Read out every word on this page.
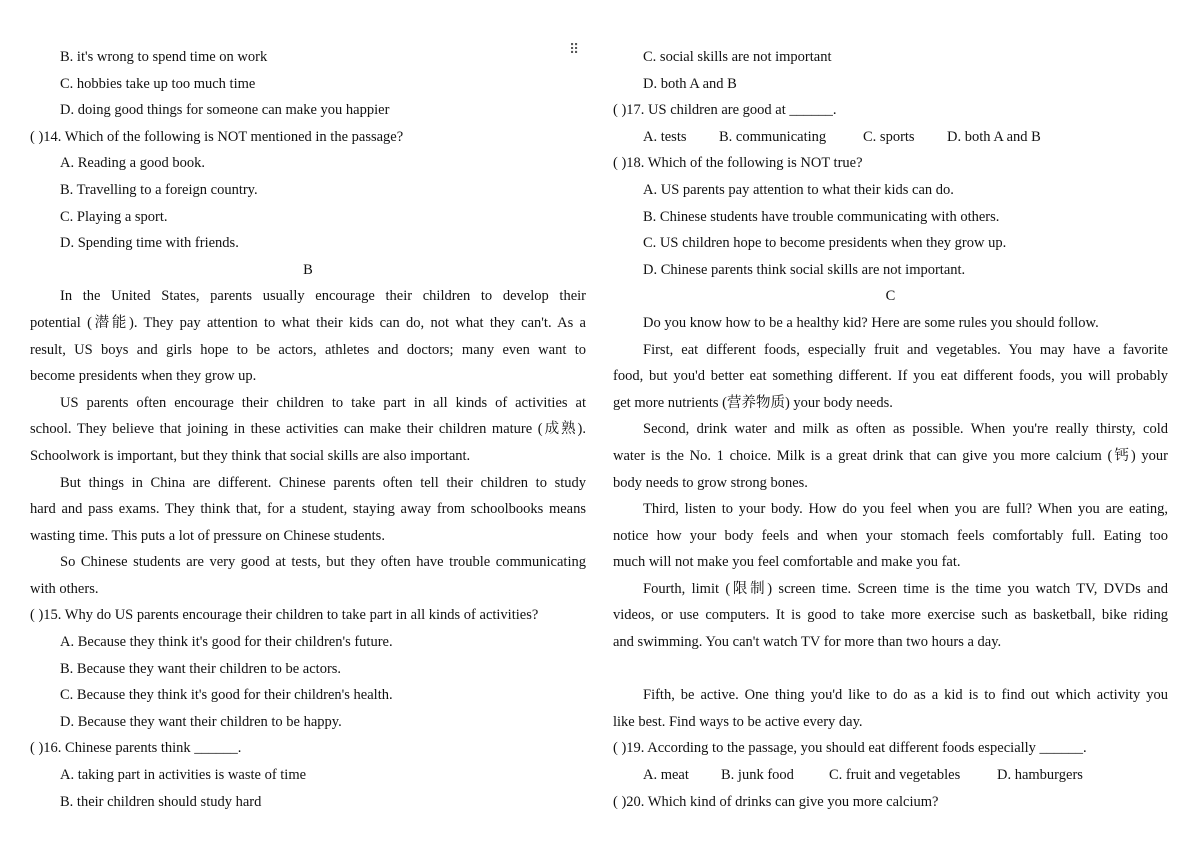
⠿
B. it's wrong to spend time on work
C. hobbies take up too much time
D. doing good things for someone can make you happier
( )14. Which of the following is NOT mentioned in the passage?
A. Reading a good book.
B. Travelling to a foreign country.
C. Playing a sport.
D. Spending time with friends.
B
In the United States, parents usually encourage their children to develop their
potential (潜能). They pay attention to what their kids can do, not what they can't. As a
result, US boys and girls hope to be actors, athletes and doctors; many even want to
become presidents when they grow up.
US parents often encourage their children to take part in all kinds of activities at
school. They believe that joining in these activities can make their children mature (成熟).
Schoolwork is important, but they think that social skills are also important.
But things in China are different. Chinese parents often tell their children to study
hard and pass exams. They think that, for a student, staying away from schoolbooks means
wasting time. This puts a lot of pressure on Chinese students.
So Chinese students are very good at tests, but they often have trouble communicating
with others.
( )15. Why do US parents encourage their children to take part in all kinds of activities?
A. Because they think it's good for their children's future.
B. Because they want their children to be actors.
C. Because they think it's good for their children's health.
D. Because they want their children to be happy.
( )16. Chinese parents think ______.
A. taking part in activities is waste of time
B. their children should study hard
C. social skills are not important
D. both A and B
( )17. US children are good at ______.
A. tests	B. communicating	C. sports	D. both A and B
( )18. Which of the following is NOT true?
A. US parents pay attention to what their kids can do.
B. Chinese students have trouble communicating with others.
C. US children hope to become presidents when they grow up.
D. Chinese parents think social skills are not important.
C
Do you know how to be a healthy kid? Here are some rules you should follow.
First, eat different foods, especially fruit and vegetables. You may have a favorite
food, but you'd better eat something different. If you eat different foods, you will probably
get more nutrients (营养物质) your body needs.
Second, drink water and milk as often as possible. When you're really thirsty, cold
water is the No. 1 choice. Milk is a great drink that can give you more calcium (钙) your
body needs to grow strong bones.
Third, listen to your body. How do you feel when you are full? When you are eating,
notice how your body feels and when your stomach feels comfortably full. Eating too
much will not make you feel comfortable and make you fat.
Fourth, limit (限制) screen time. Screen time is the time you watch TV, DVDs and
videos, or use computers. It is good to take more exercise such as basketball, bike riding
and swimming. You can't watch TV for more than two hours a day.
Fifth, be active. One thing you'd like to do as a kid is to find out which activity you
like best. Find ways to be active every day.
( )19. According to the passage, you should eat different foods especially ______.
A. meat	B. junk food	C. fruit and vegetables	D. hamburgers
( )20. Which kind of drinks can give you more calcium?
